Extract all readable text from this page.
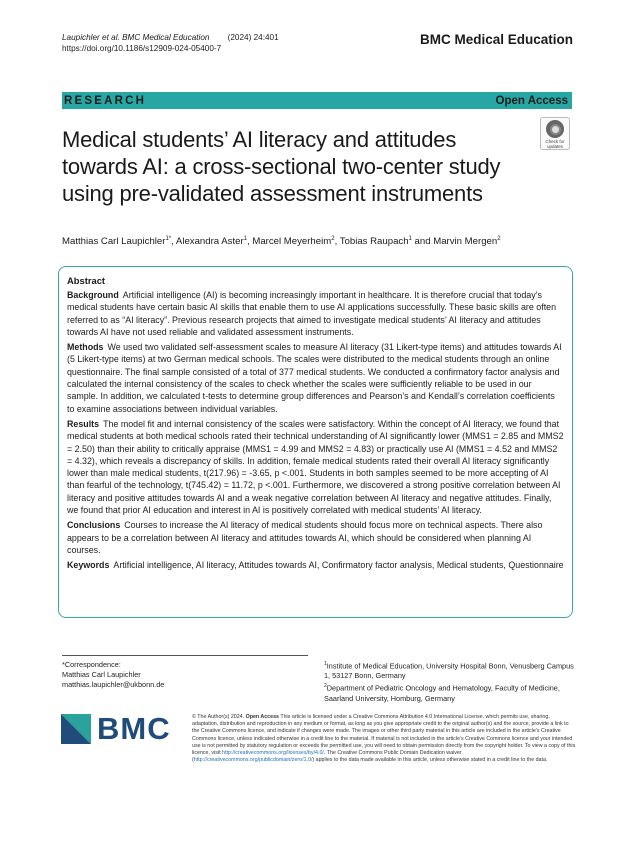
Laupichler et al. BMC Medical Education (2024) 24:401
https://doi.org/10.1186/s12909-024-05400-7
BMC Medical Education
RESEARCH	Open Access
Medical students’ AI literacy and attitudes towards AI: a cross-sectional two-center study using pre-validated assessment instruments
Check for updates
Matthias Carl Laupichler$^{1*}$, Alexandra Aster$^1$, Marcel Meyerheim$^2$, Tobias Raupach$^1$ and Marvin Mergen$^2$
Abstract

Background Artificial intelligence (AI) is becoming increasingly important in healthcare. It is therefore crucial that today’s medical students have certain basic AI skills that enable them to use AI applications successfully. These basic skills are often referred to as “AI literacy”. Previous research projects that aimed to investigate medical students’ AI literacy and attitudes towards AI have not used reliable and validated assessment instruments.

Methods We used two validated self-assessment scales to measure AI literacy (31 Likert-type items) and attitudes towards AI (5 Likert-type items) at two German medical schools. The scales were distributed to the medical students through an online questionnaire. The final sample consisted of a total of 377 medical students. We conducted a confirmatory factor analysis and calculated the internal consistency of the scales to check whether the scales were sufficiently reliable to be used in our sample. In addition, we calculated t-tests to determine group differences and Pearson’s and Kendall’s correlation coefficients to examine associations between individual variables.

Results The model fit and internal consistency of the scales were satisfactory. Within the concept of AI literacy, we found that medical students at both medical schools rated their technical understanding of AI significantly lower (MMS1 = 2.85 and MMS2 = 2.50) than their ability to critically appraise (MMS1 = 4.99 and MMS2 = 4.83) or practically use AI (MMS1 = 4.52 and MMS2 = 4.32), which reveals a discrepancy of skills. In addition, female medical students rated their overall AI literacy significantly lower than male medical students, t(217.96) = -3.65, p <.001. Students in both samples seemed to be more accepting of AI than fearful of the technology, t(745.42) = 11.72, p <.001. Furthermore, we discovered a strong positive correlation between AI literacy and positive attitudes towards AI and a weak negative correlation between AI literacy and negative attitudes. Finally, we found that prior AI education and interest in AI is positively correlated with medical students’ AI literacy.

Conclusions Courses to increase the AI literacy of medical students should focus more on technical aspects. There also appears to be a correlation between AI literacy and attitudes towards AI, which should be considered when planning AI courses.

Keywords Artificial intelligence, AI literacy, Attitudes towards AI, Confirmatory factor analysis, Medical students, Questionnaire

*Correspondence:
Matthias Carl Laupichler
matthias.laupichler@ukbonn.de
$^1$Institute of Medical Education, University Hospital Bonn, Venusberg Campus 1, 53127 Bonn, Germany
$^2$Department of Pediatric Oncology and Hematology, Faculty of Medicine, Saarland University, Homburg, Germany
BMC	© The Author(s) 2024. Open Access This article is licensed under a Creative Commons Attribution 4.0 International License, which permits use, sharing, adaptation, distribution and reproduction in any medium or format, as long as you give appropriate credit to the original author(s) and the source, provide a link to the Creative Commons licence, and indicate if changes were made. The images or other third party material in this article are included in the article’s Creative Commons licence, unless indicated otherwise in a credit line to the material. If material is not included in the article’s Creative Commons licence and your intended use is not permitted by statutory regulation or exceeds the permitted use, you will need to obtain permission directly from the copyright holder. To view a copy of this licence, visit http://creativecommons.org/licenses/by/4.0/. The Creative Commons Public Domain Dedication waiver (http://creativecommons.org/publicdomain/zero/1.0/) applies to the data made available in this article, unless otherwise stated in a credit line to the data.
